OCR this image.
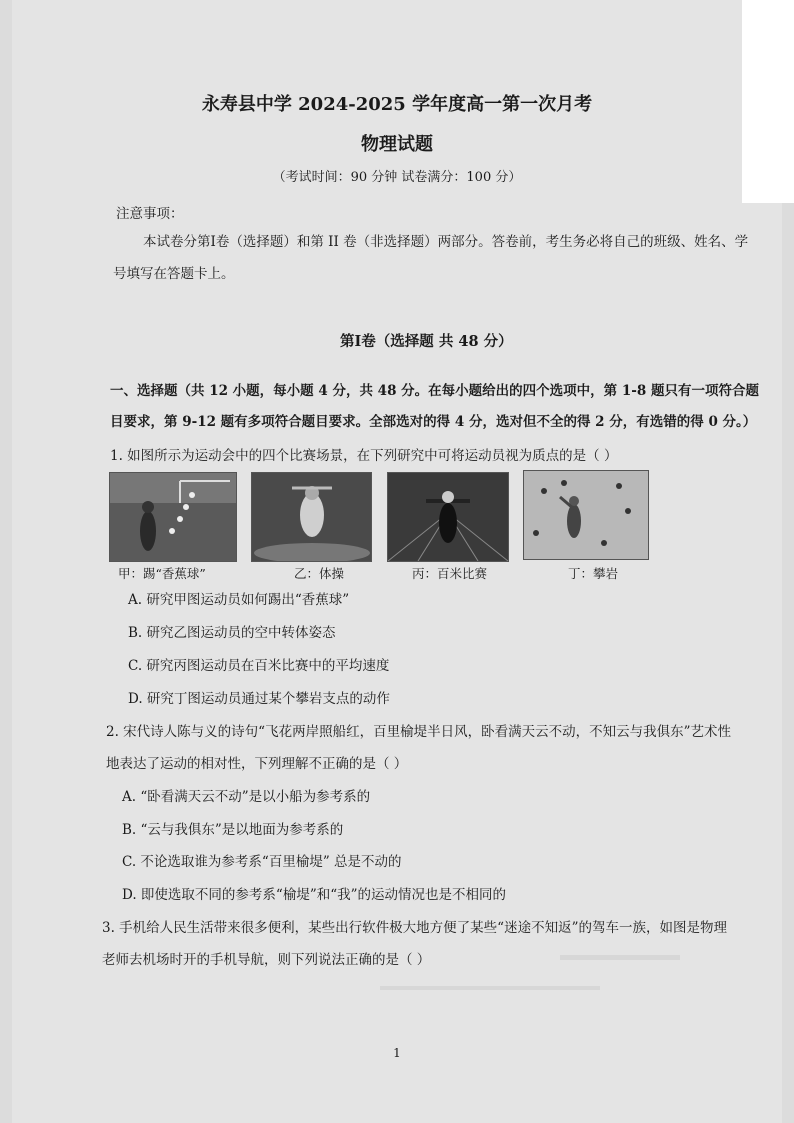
永寿县中学 2024-2025 学年度高一第一次月考
物理试题
（考试时间：90 分钟 试卷满分：100 分）
注意事项：
本试卷分第Ⅰ卷（选择题）和第 II 卷（非选择题）两部分。答卷前，考生务必将自己的班级、姓名、学
号填写在答题卡上。
第Ⅰ卷（选择题 共 48 分）
一、选择题（共 12 小题，每小题 4 分，共 48 分。在每小题给出的四个选项中，第 1-8 题只有一项符合题
目要求，第 9-12 题有多项符合题目要求。全部选对的得 4 分，选对但不全的得 2 分，有选错的得 0 分。）
1. 如图所示为运动会中的四个比赛场景，在下列研究中可将运动员视为质点的是（ ）
甲：踢“香蕉球”	乙：体操	丙：百米比赛	丁：攀岩
A. 研究甲图运动员如何踢出“香蕉球”
B. 研究乙图运动员的空中转体姿态
C. 研究丙图运动员在百米比赛中的平均速度
D. 研究丁图运动员通过某个攀岩支点的动作
2. 宋代诗人陈与义的诗句“飞花两岸照船红，百里榆堤半日风，卧看满天云不动，不知云与我俱东”艺术性
地表达了运动的相对性，下列理解不正确的是（ ）
A. “卧看满天云不动”是以小船为参考系的
B. “云与我俱东”是以地面为参考系的
C. 不论选取谁为参考系“百里榆堤” 总是不动的
D. 即使选取不同的参考系“榆堤”和“我”的运动情况也是不相同的
3. 手机给人民生活带来很多便利，某些出行软件极大地方便了某些“迷途不知返”的驾车一族，如图是物理
老师去机场时开的手机导航，则下列说法正确的是（ ）
1
